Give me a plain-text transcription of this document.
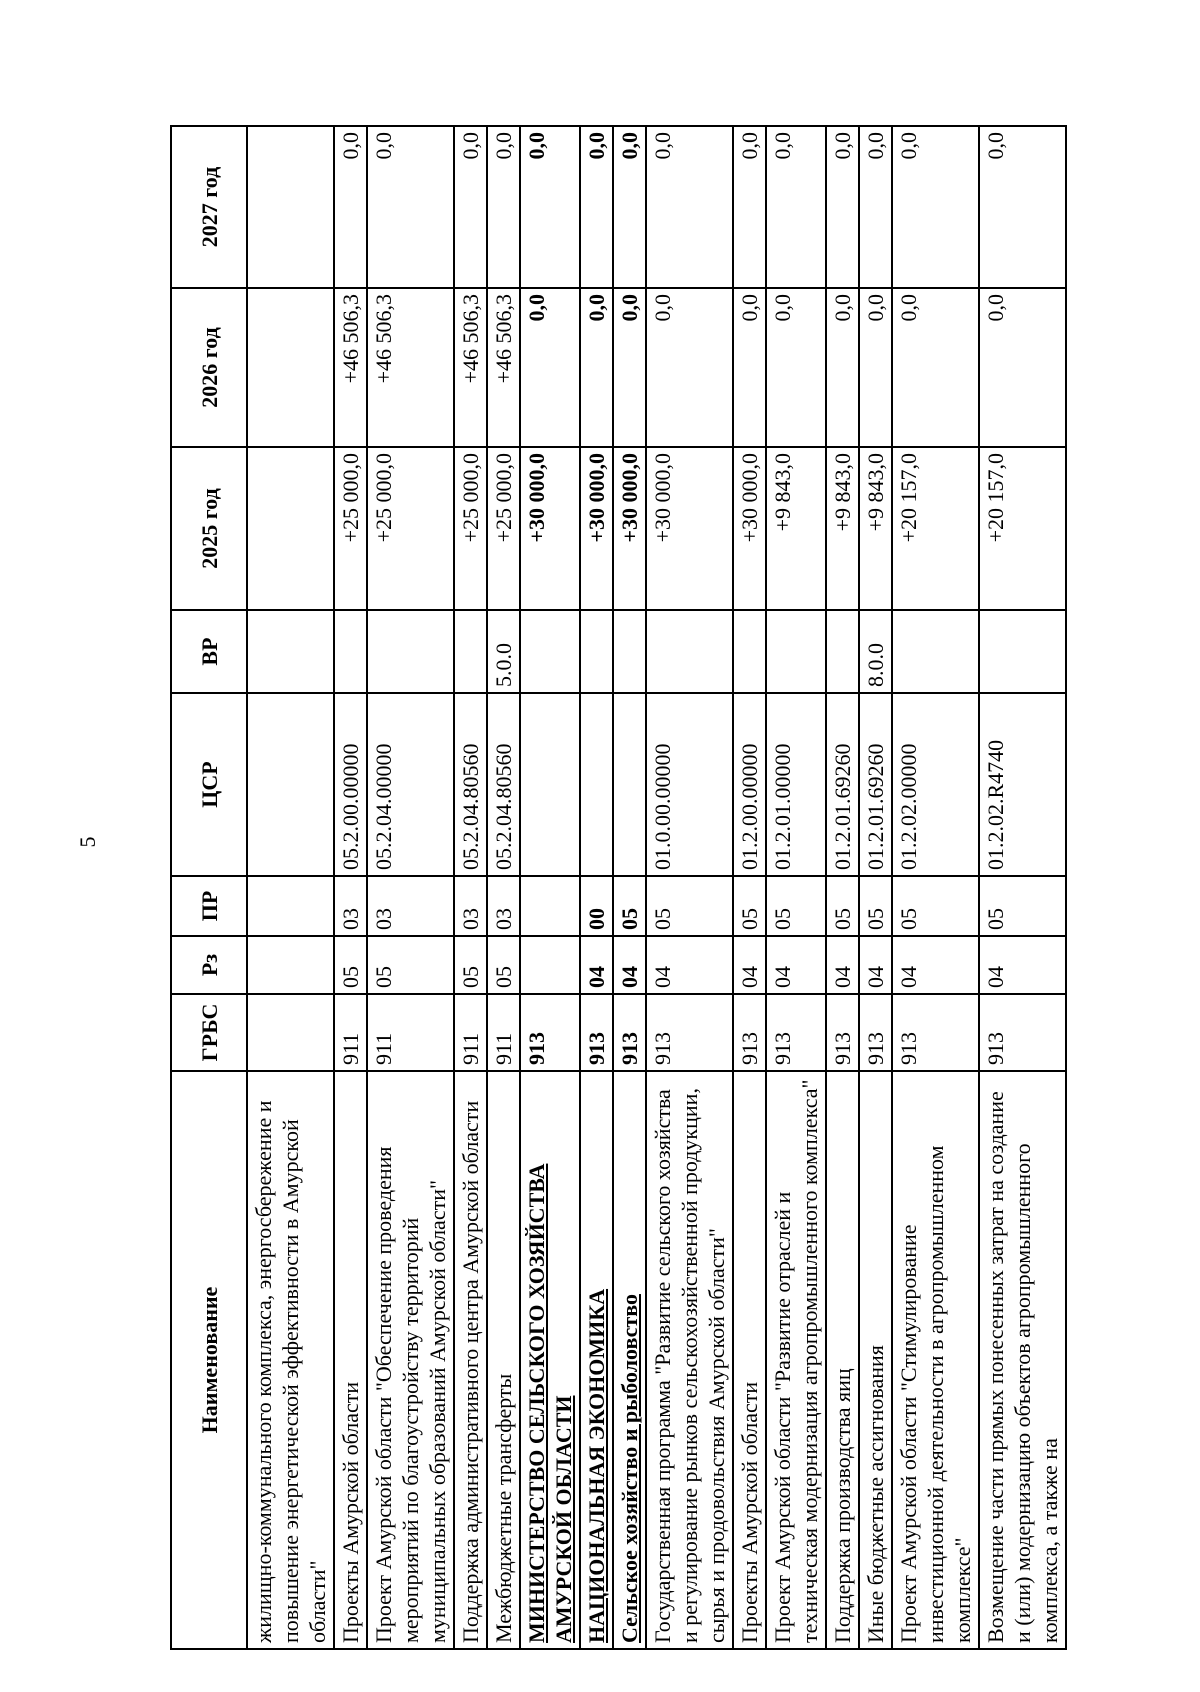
5
Наименование	ГРБС	Рз	ПР	ЦСР	ВР	2025 год	2026 год	2027 год
жилищно-коммунального комплекса, энергосбережение и повышение энергетической эффективности в Амурской области"								
Проекты Амурской области	911	05	03	05.2.00.00000		+25 000,0	+46 506,3	0,0
Проект Амурской области "Обеспечение проведения мероприятий по благоустройству территорий муниципальных образований Амурской области"	911	05	03	05.2.04.00000		+25 000,0	+46 506,3	0,0
Поддержка административного центра Амурской области	911	05	03	05.2.04.80560		+25 000,0	+46 506,3	0,0
Межбюджетные трансферты	911	05	03	05.2.04.80560	5.0.0	+25 000,0	+46 506,3	0,0
МИНИСТЕРСТВО СЕЛЬСКОГО ХОЗЯЙСТВА АМУРСКОЙ ОБЛАСТИ	913					+30 000,0	0,0	0,0
НАЦИОНАЛЬНАЯ ЭКОНОМИКА	913	04	00			+30 000,0	0,0	0,0
Сельское хозяйство и рыболовство	913	04	05			+30 000,0	0,0	0,0
Государственная программа "Развитие сельского хозяйства и регулирование рынков сельскохозяйственной продукции, сырья и продовольствия Амурской области"	913	04	05	01.0.00.00000		+30 000,0	0,0	0,0
Проекты Амурской области	913	04	05	01.2.00.00000		+30 000,0	0,0	0,0
Проект Амурской области "Развитие отраслей и техническая модернизация агропромышленного комплекса"	913	04	05	01.2.01.00000		+9 843,0	0,0	0,0
Поддержка производства яиц	913	04	05	01.2.01.69260		+9 843,0	0,0	0,0
Иные бюджетные ассигнования	913	04	05	01.2.01.69260	8.0.0	+9 843,0	0,0	0,0
Проект Амурской области "Стимулирование инвестиционной деятельности в агропромышленном комплексе"	913	04	05	01.2.02.00000		+20 157,0	0,0	0,0
Возмещение части прямых понесенных затрат на создание и (или) модернизацию объектов агропромышленного комплекса, а также на	913	04	05	01.2.02.R4740		+20 157,0	0,0	0,0
